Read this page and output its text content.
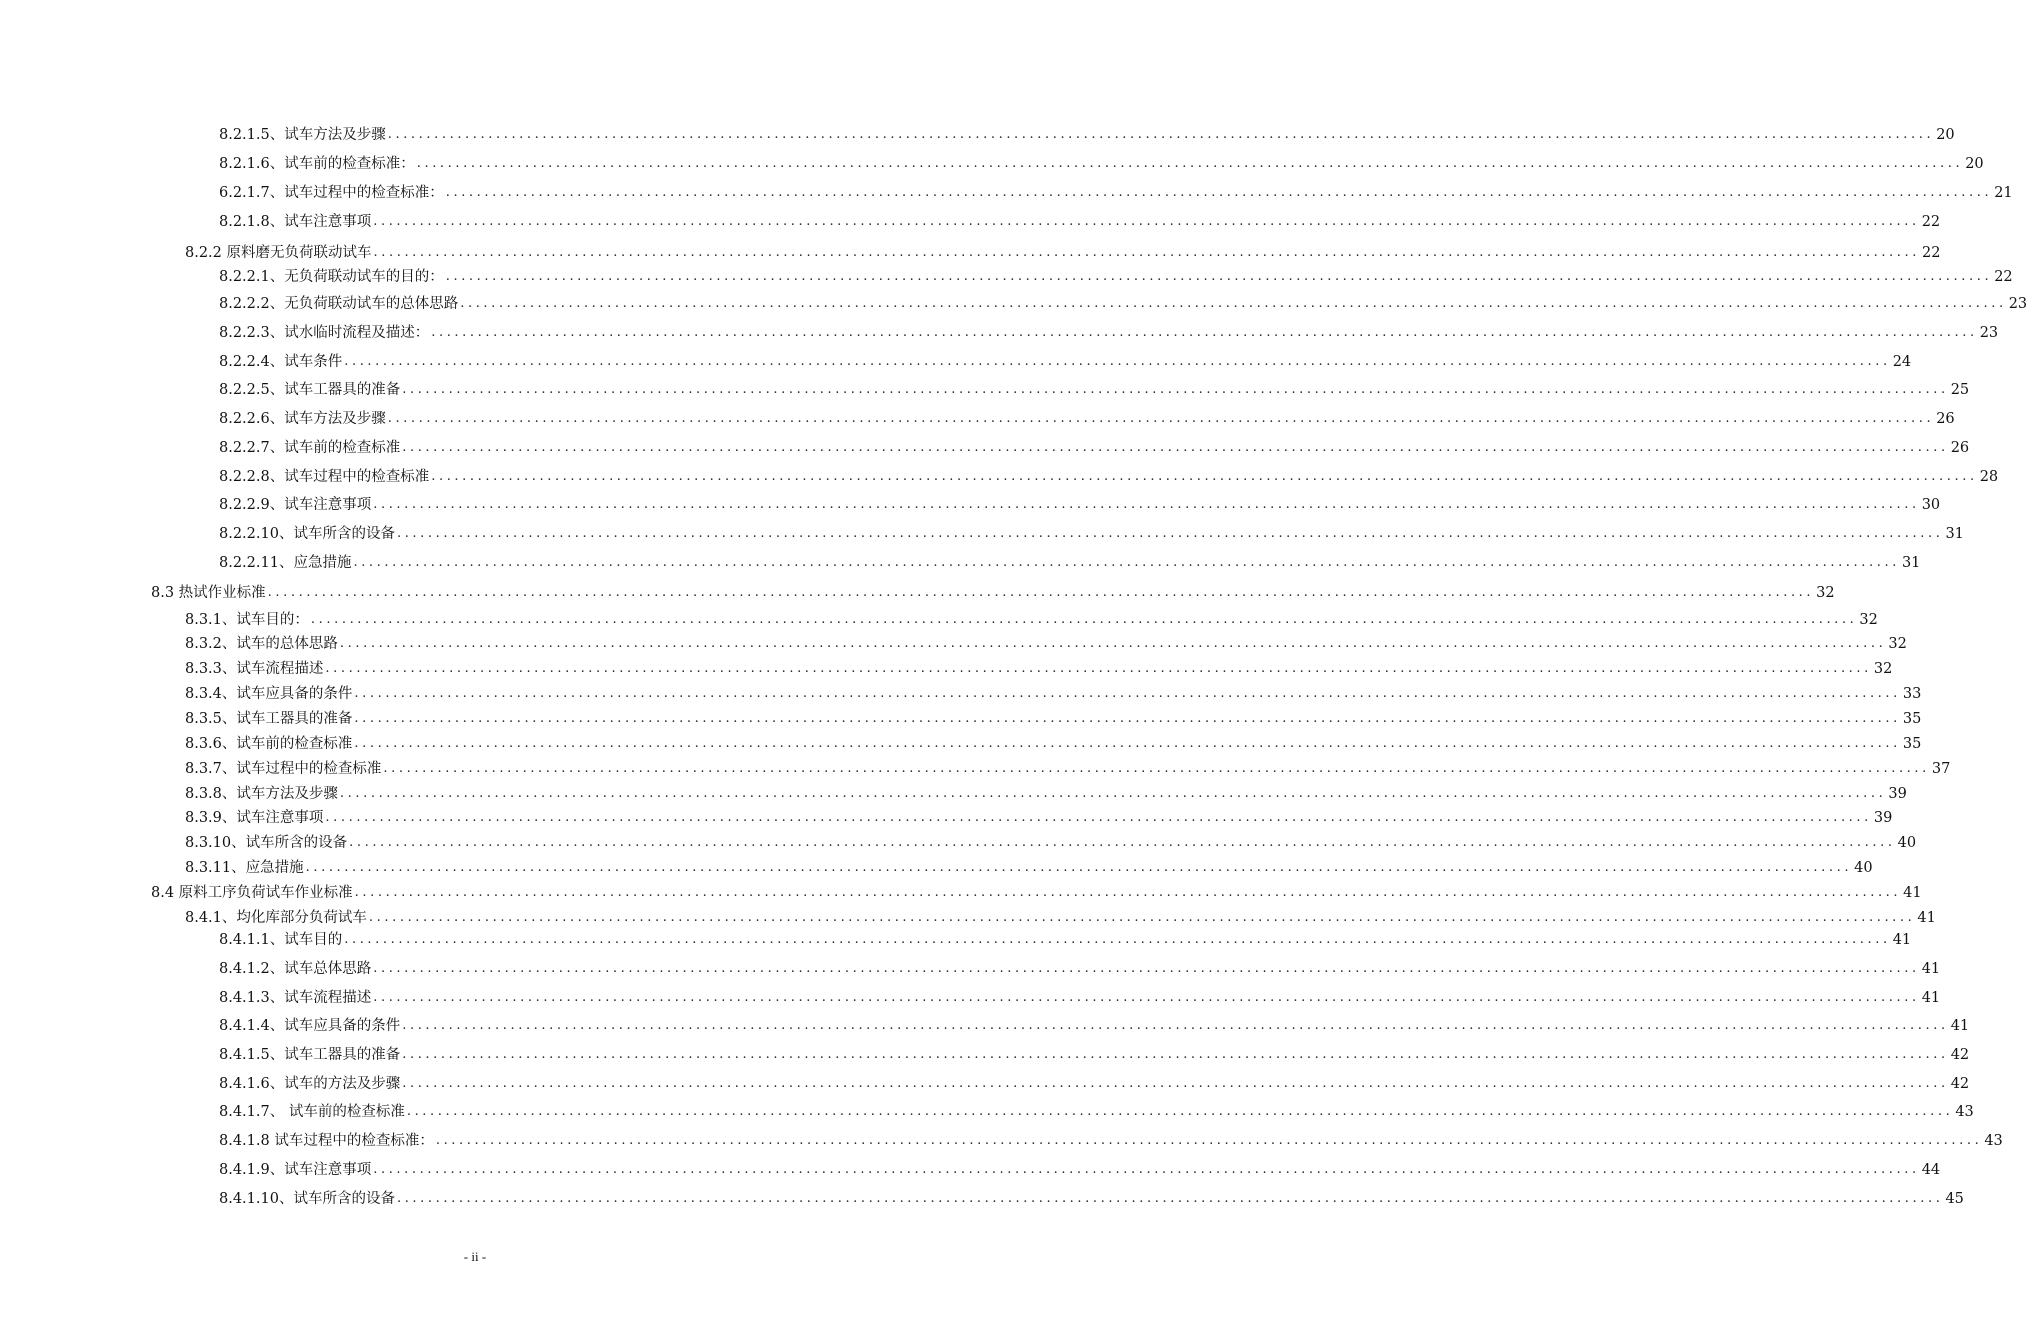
8.2.1.5、试车方法及步骤 ........................................................................................................................................................................................................ 20
8.2.1.6、试车前的检查标准： ........................................................................................................................................................................................................ 20
6.2.1.7、试车过程中的检查标准： ........................................................................................................................................................................................................ 21
8.2.1.8、试车注意事项 ........................................................................................................................................................................................................ 22
8.2.2 原料磨无负荷联动试车 ........................................................................................................................................................................................................ 22
8.2.2.1、无负荷联动试车的目的： ........................................................................................................................................................................................................ 22
8.2.2.2、无负荷联动试车的总体思路 ........................................................................................................................................................................................................ 23
8.2.2.3、试水临时流程及描述： ........................................................................................................................................................................................................ 23
8.2.2.4、试车条件 ........................................................................................................................................................................................................ 24
8.2.2.5、试车工器具的准备 ........................................................................................................................................................................................................ 25
8.2.2.6、试车方法及步骤 ........................................................................................................................................................................................................ 26
8.2.2.7、试车前的检查标准 ........................................................................................................................................................................................................ 26
8.2.2.8、试车过程中的检查标准 ........................................................................................................................................................................................................ 28
8.2.2.9、试车注意事项 ........................................................................................................................................................................................................ 30
8.2.2.10、试车所含的设备 ........................................................................................................................................................................................................ 31
8.2.2.11、应急措施 ........................................................................................................................................................................................................ 31
8.3 热试作业标准 ........................................................................................................................................................................................................ 32
8.3.1、试车目的： ........................................................................................................................................................................................................ 32
8.3.2、试车的总体思路 ........................................................................................................................................................................................................ 32
8.3.3、试车流程描述 ........................................................................................................................................................................................................ 32
8.3.4、试车应具备的条件 ........................................................................................................................................................................................................ 33
8.3.5、试车工器具的准备 ........................................................................................................................................................................................................ 35
8.3.6、试车前的检查标准 ........................................................................................................................................................................................................ 35
8.3.7、试车过程中的检查标准 ........................................................................................................................................................................................................ 37
8.3.8、试车方法及步骤 ........................................................................................................................................................................................................ 39
8.3.9、试车注意事项 ........................................................................................................................................................................................................ 39
8.3.10、试车所含的设备 ........................................................................................................................................................................................................ 40
8.3.11、应急措施 ........................................................................................................................................................................................................ 40
8.4 原料工序负荷试车作业标准 ........................................................................................................................................................................................................ 41
8.4.1、均化库部分负荷试车 ........................................................................................................................................................................................................ 41
8.4.1.1、试车目的 ........................................................................................................................................................................................................ 41
8.4.1.2、试车总体思路 ........................................................................................................................................................................................................ 41
8.4.1.3、试车流程描述 ........................................................................................................................................................................................................ 41
8.4.1.4、试车应具备的条件 ........................................................................................................................................................................................................ 41
8.4.1.5、试车工器具的准备 ........................................................................................................................................................................................................ 42
8.4.1.6、试车的方法及步骤 ........................................................................................................................................................................................................ 42
8.4.1.7、 试车前的检查标准 ........................................................................................................................................................................................................ 43
8.4.1.8 试车过程中的检查标准： ........................................................................................................................................................................................................ 43
8.4.1.9、试车注意事项 ........................................................................................................................................................................................................ 44
8.4.1.10、试车所含的设备 ........................................................................................................................................................................................................ 45
- ii -
